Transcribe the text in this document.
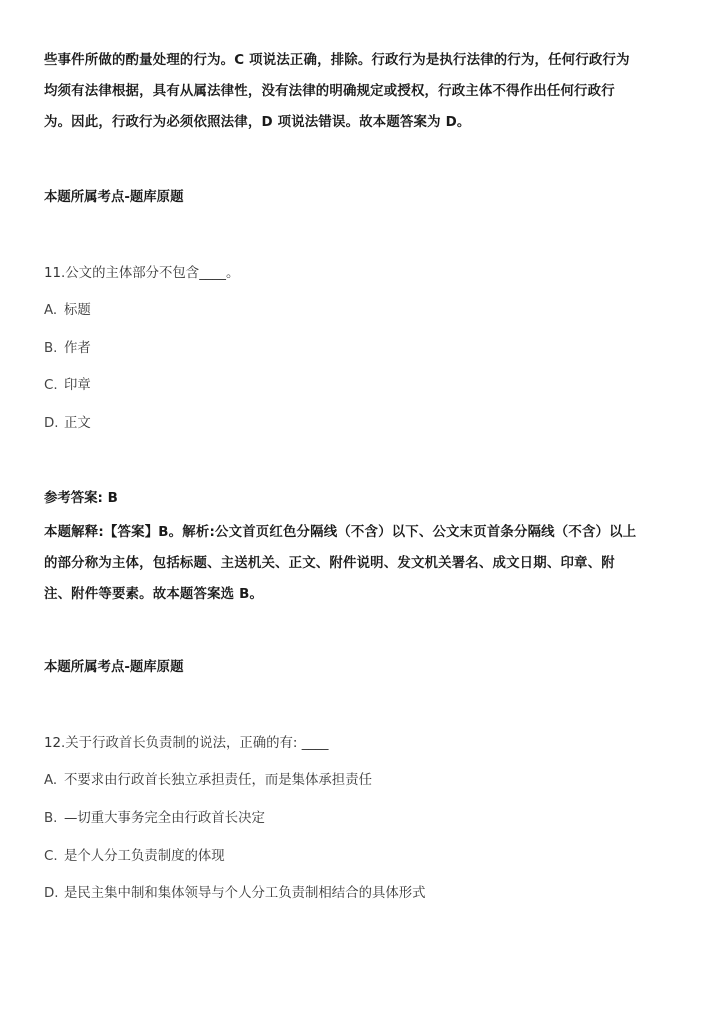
些事件所做的酌量处理的行为。C 项说法正确，排除。行政行为是执行法律的行为，任何行政行为
均须有法律根据，具有从属法律性，没有法律的明确规定或授权，行政主体不得作出任何行政行
为。因此，行政行为必须依照法律，D 项说法错误。故本题答案为 D。
本题所属考点-题库原题
11.公文的主体部分不包含____。
A. 标题
B. 作者
C. 印章
D. 正文
参考答案: B
本题解释:【答案】B。解析:公文首页红色分隔线（不含）以下、公文末页首条分隔线（不含）以上
的部分称为主体，包括标题、主送机关、正文、附件说明、发文机关署名、成文日期、印章、附
注、附件等要素。故本题答案选 B。
本题所属考点-题库原题
12.关于行政首长负责制的说法，正确的有: ____
A. 不要求由行政首长独立承担责任，而是集体承担责任
B. —切重大事务完全由行政首长决定
C. 是个人分工负责制度的体现
D. 是民主集中制和集体领导与个人分工负责制相结合的具体形式
